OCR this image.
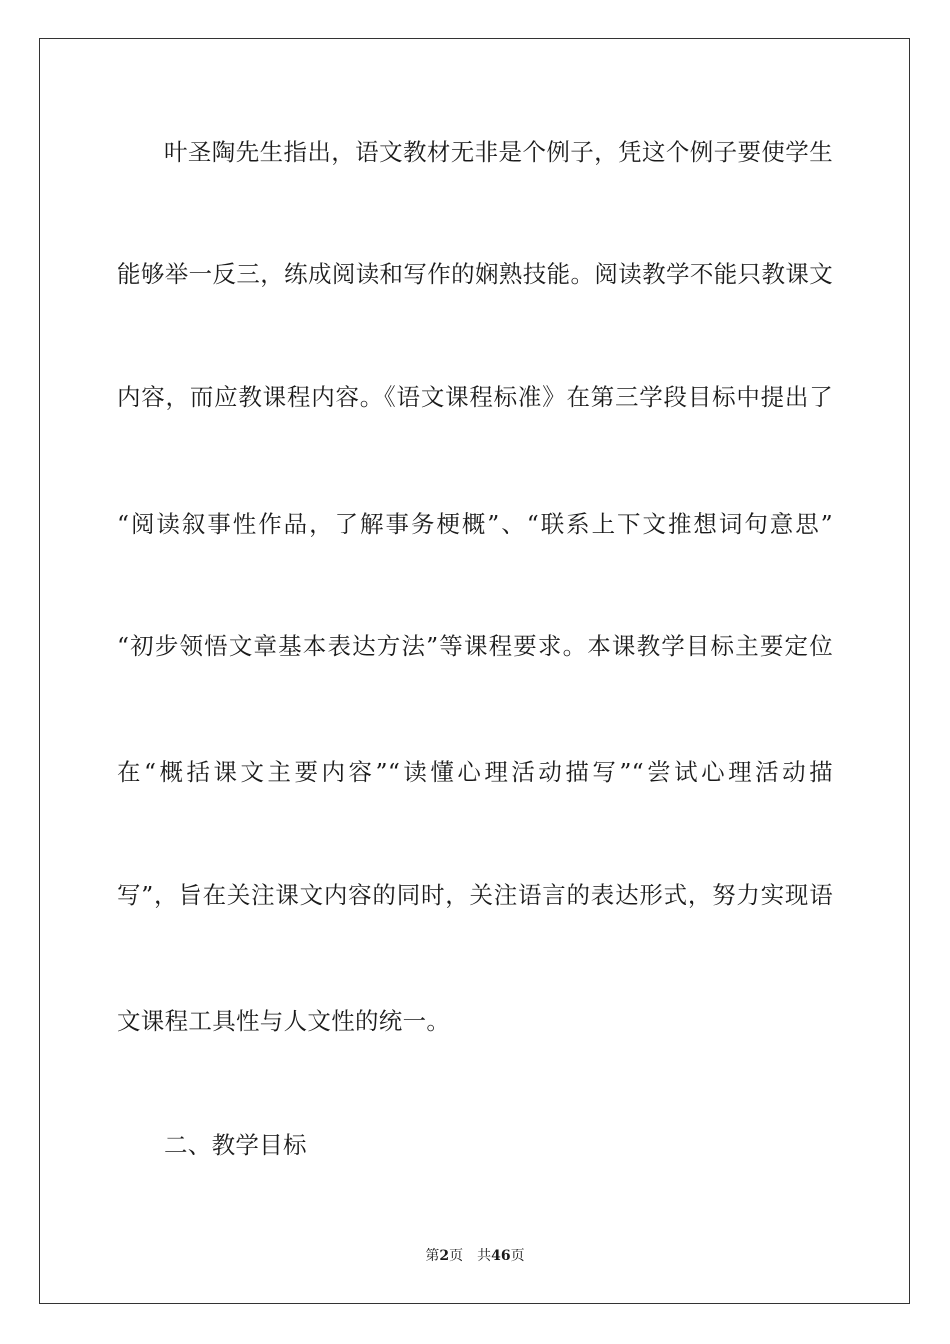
叶圣陶先生指出，语文教材无非是个例子，凭这个例子要使学生
能够举一反三，练成阅读和写作的娴熟技能。阅读教学不能只教课文
内容，而应教课程内容。《语文课程标准》在第三学段目标中提出了
“阅读叙事性作品，了解事务梗概”、“联系上下文推想词句意思”
“初步领悟文章基本表达方法”等课程要求。本课教学目标主要定位
在“概括课文主要内容”“读懂心理活动描写”“尝试心理活动描
写”，旨在关注课文内容的同时，关注语言的表达形式，努力实现语
文课程工具性与人文性的统一。
二、教学目标
第2页 共46页
